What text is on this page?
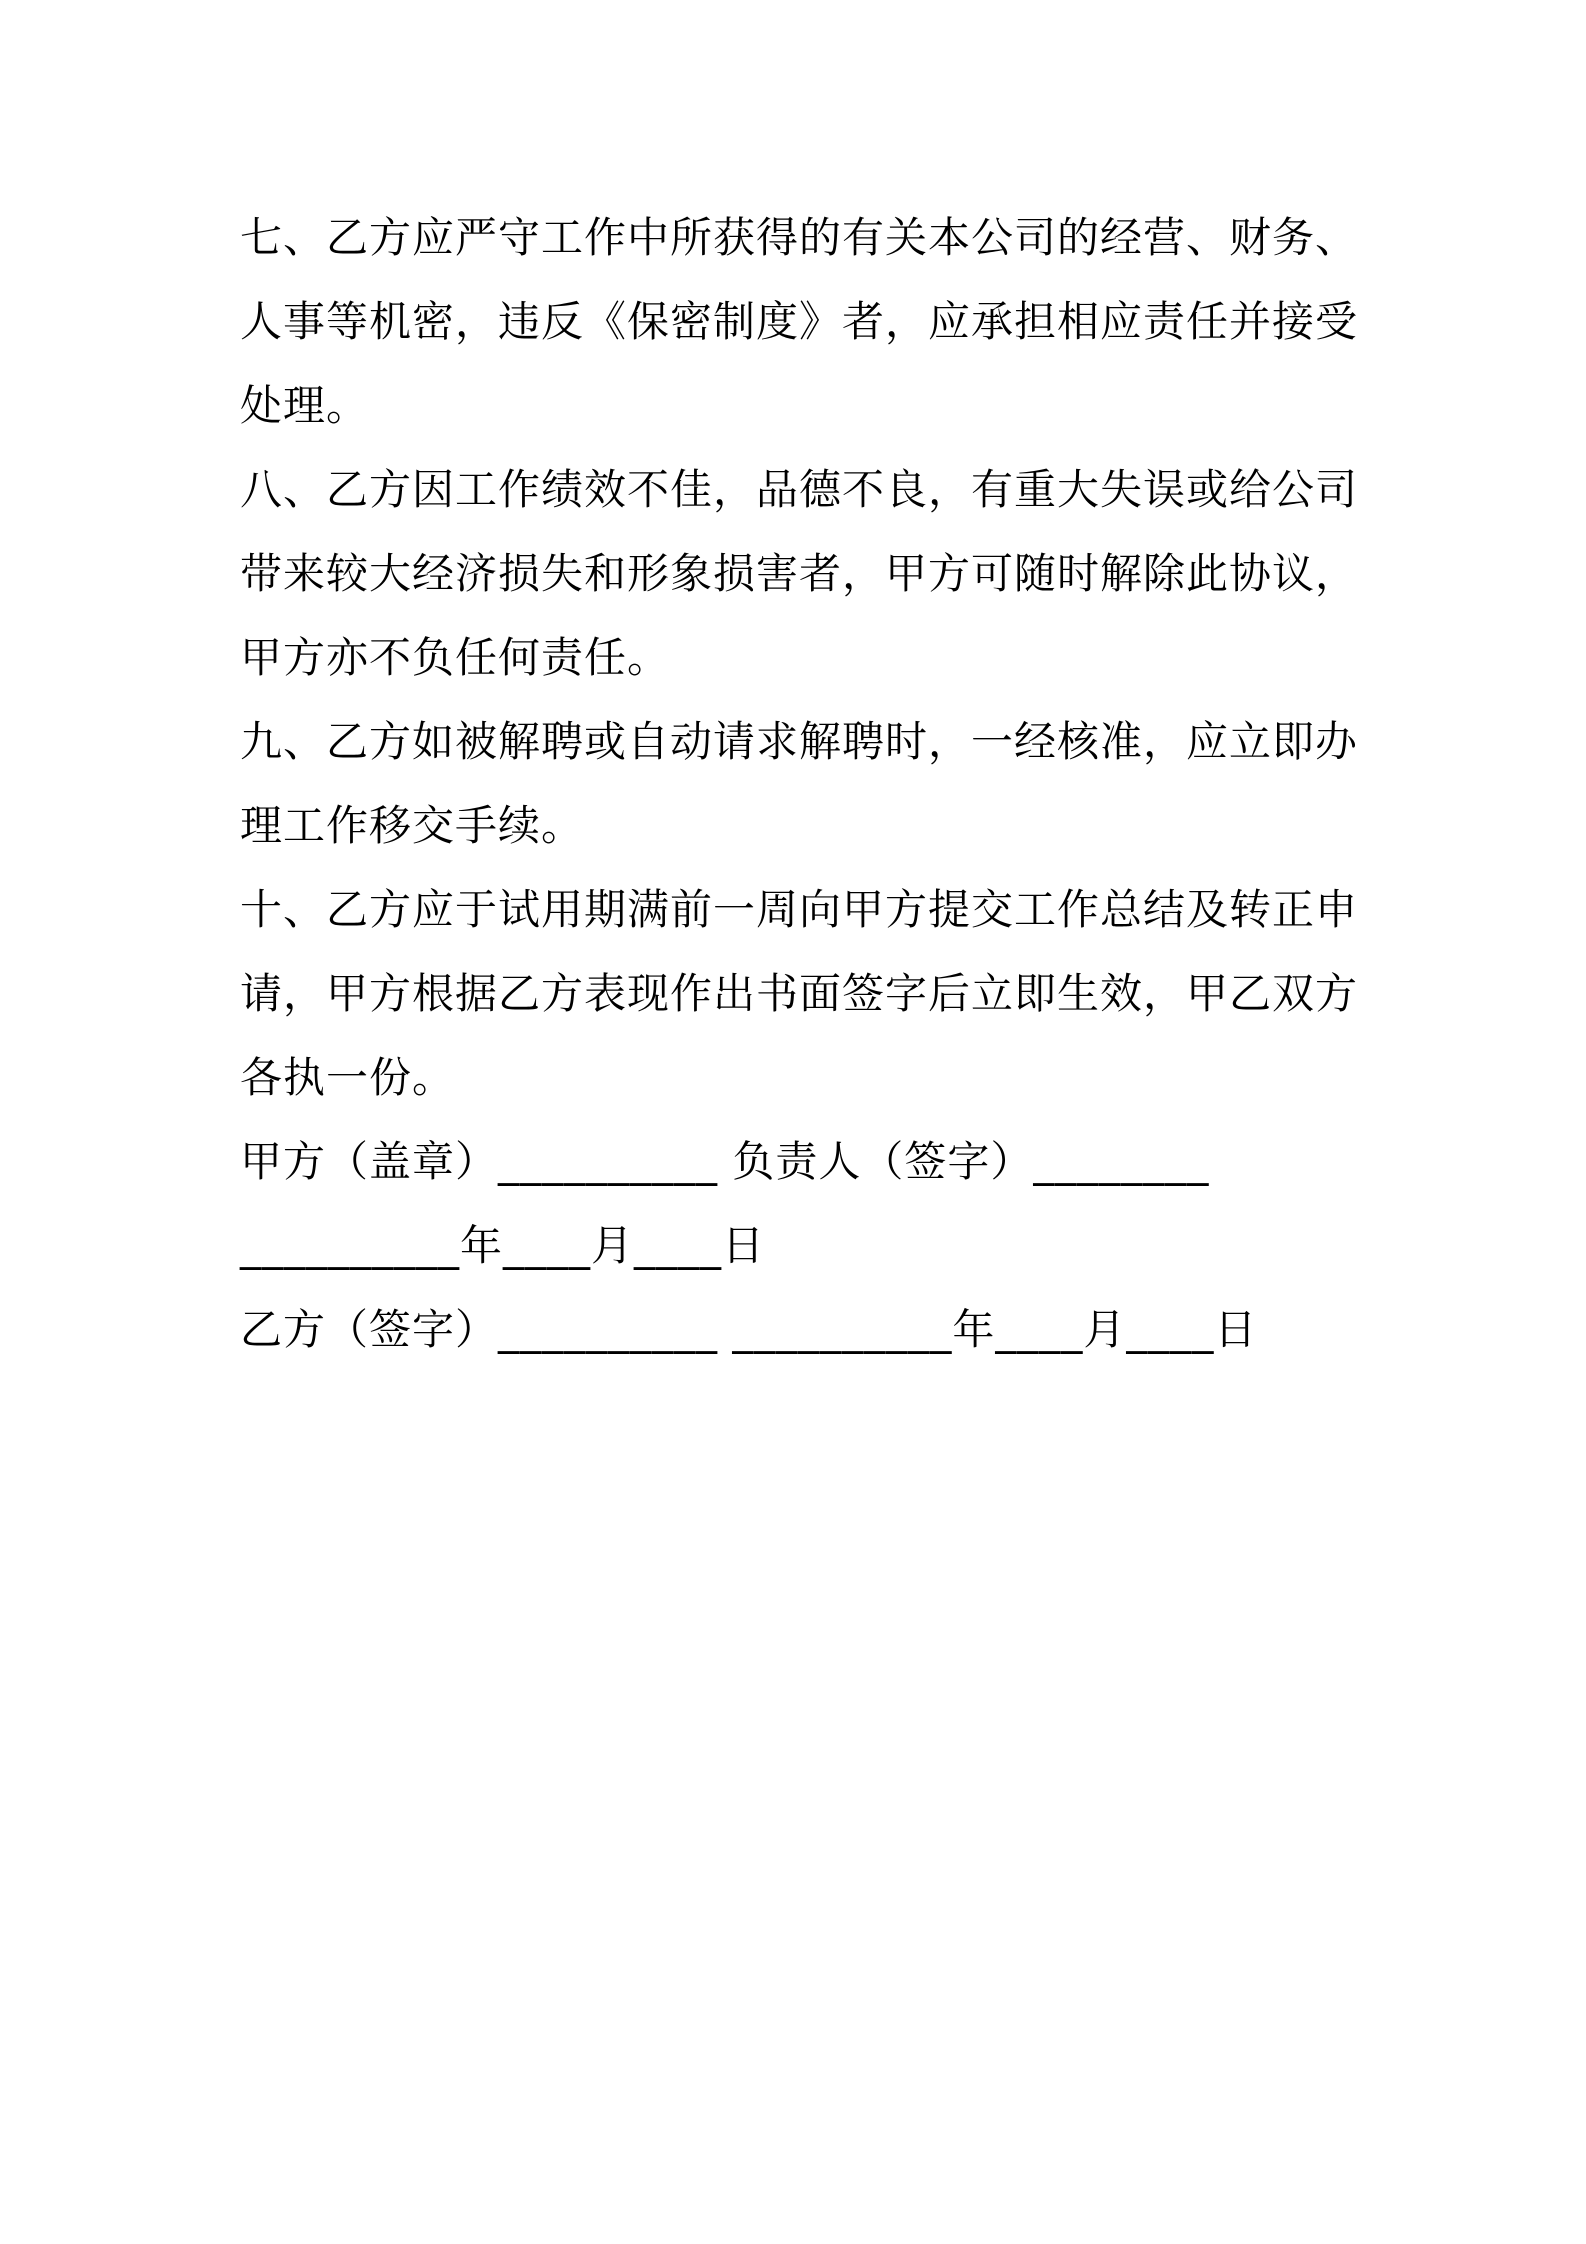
七、乙方应严守工作中所获得的有关本公司的经营、财务、
人事等机密，违反《保密制度》者，应承担相应责任并接受
处理。
八、乙方因工作绩效不佳，品德不良，有重大失误或给公司
带来较大经济损失和形象损害者，甲方可随时解除此协议，
甲方亦不负任何责任。
九、乙方如被解聘或自动请求解聘时，一经核准，应立即办
理工作移交手续。
十、乙方应于试用期满前一周向甲方提交工作总结及转正申
请，甲方根据乙方表现作出书面签字后立即生效，甲乙双方
各执一份。
甲方（盖章）__________ 负责人（签字）________
__________年____月____日
乙方（签字）__________ __________年____月____日
